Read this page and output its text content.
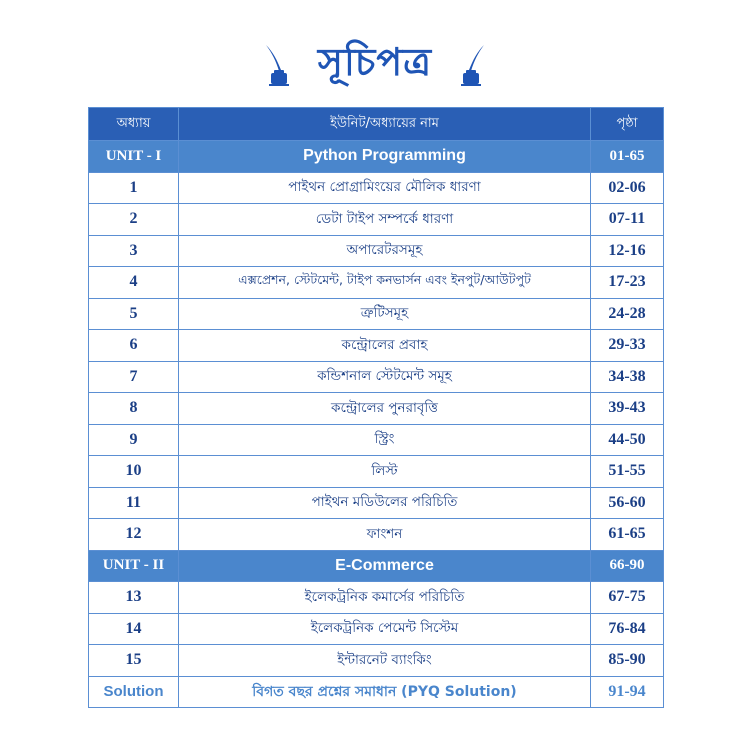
সূচিপত্র
অধ্যায়	ইউনিট/অধ্যায়ের নাম	পৃষ্ঠা
UNIT - I	Python Programming	01-65
1	পাইথন প্রোগ্রামিংয়ের মৌলিক ধারণা	02-06
2	ডেটা টাইপ সম্পর্কে ধারণা	07-11
3	অপারেটরসমূহ	12-16
4	এক্সপ্রেশন, স্টেটমেন্ট, টাইপ কনভার্সন এবং ইনপুট/আউটপুট	17-23
5	ত্রুটিসমূহ	24-28
6	কন্ট্রোলের প্রবাহ	29-33
7	কন্ডিশনাল স্টেটমেন্ট সমূহ	34-38
8	কন্ট্রোলের পুনরাবৃত্তি	39-43
9	স্ট্রিং	44-50
10	লিস্ট	51-55
11	পাইথন মডিউলের পরিচিতি	56-60
12	ফাংশন	61-65
UNIT - II	E-Commerce	66-90
13	ইলেকট্রনিক কমার্সের পরিচিতি	67-75
14	ইলেকট্রনিক পেমেন্ট সিস্টেম	76-84
15	ইন্টারনেট ব্যাংকিং	85-90
Solution	বিগত বছর প্রশ্নের সমাধান (PYQ Solution)	91-94
